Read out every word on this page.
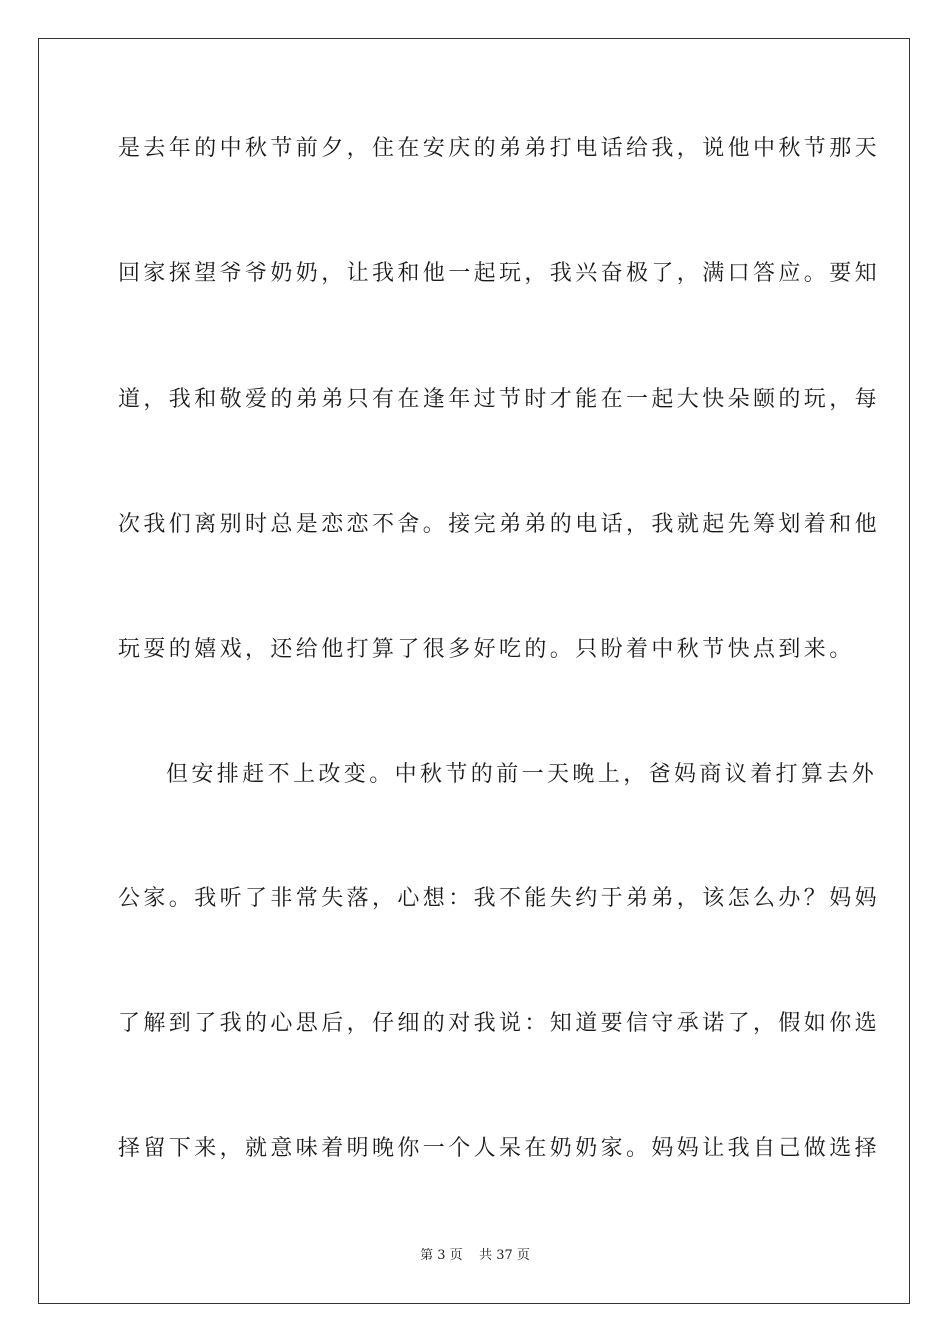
是去年的中秋节前夕，住在安庆的弟弟打电话给我，说他中秋节那天
回家探望爷爷奶奶，让我和他一起玩，我兴奋极了，满口答应。要知
道，我和敬爱的弟弟只有在逢年过节时才能在一起大快朵颐的玩，每
次我们离别时总是恋恋不舍。接完弟弟的电话，我就起先筹划着和他
玩耍的嬉戏，还给他打算了很多好吃的。只盼着中秋节快点到来。
但安排赶不上改变。中秋节的前一天晚上，爸妈商议着打算去外
公家。我听了非常失落，心想：我不能失约于弟弟，该怎么办？妈妈
了解到了我的心思后，仔细的对我说：知道要信守承诺了，假如你选
择留下来，就意味着明晚你一个人呆在奶奶家。妈妈让我自己做选择
第 3 页    共 37 页
